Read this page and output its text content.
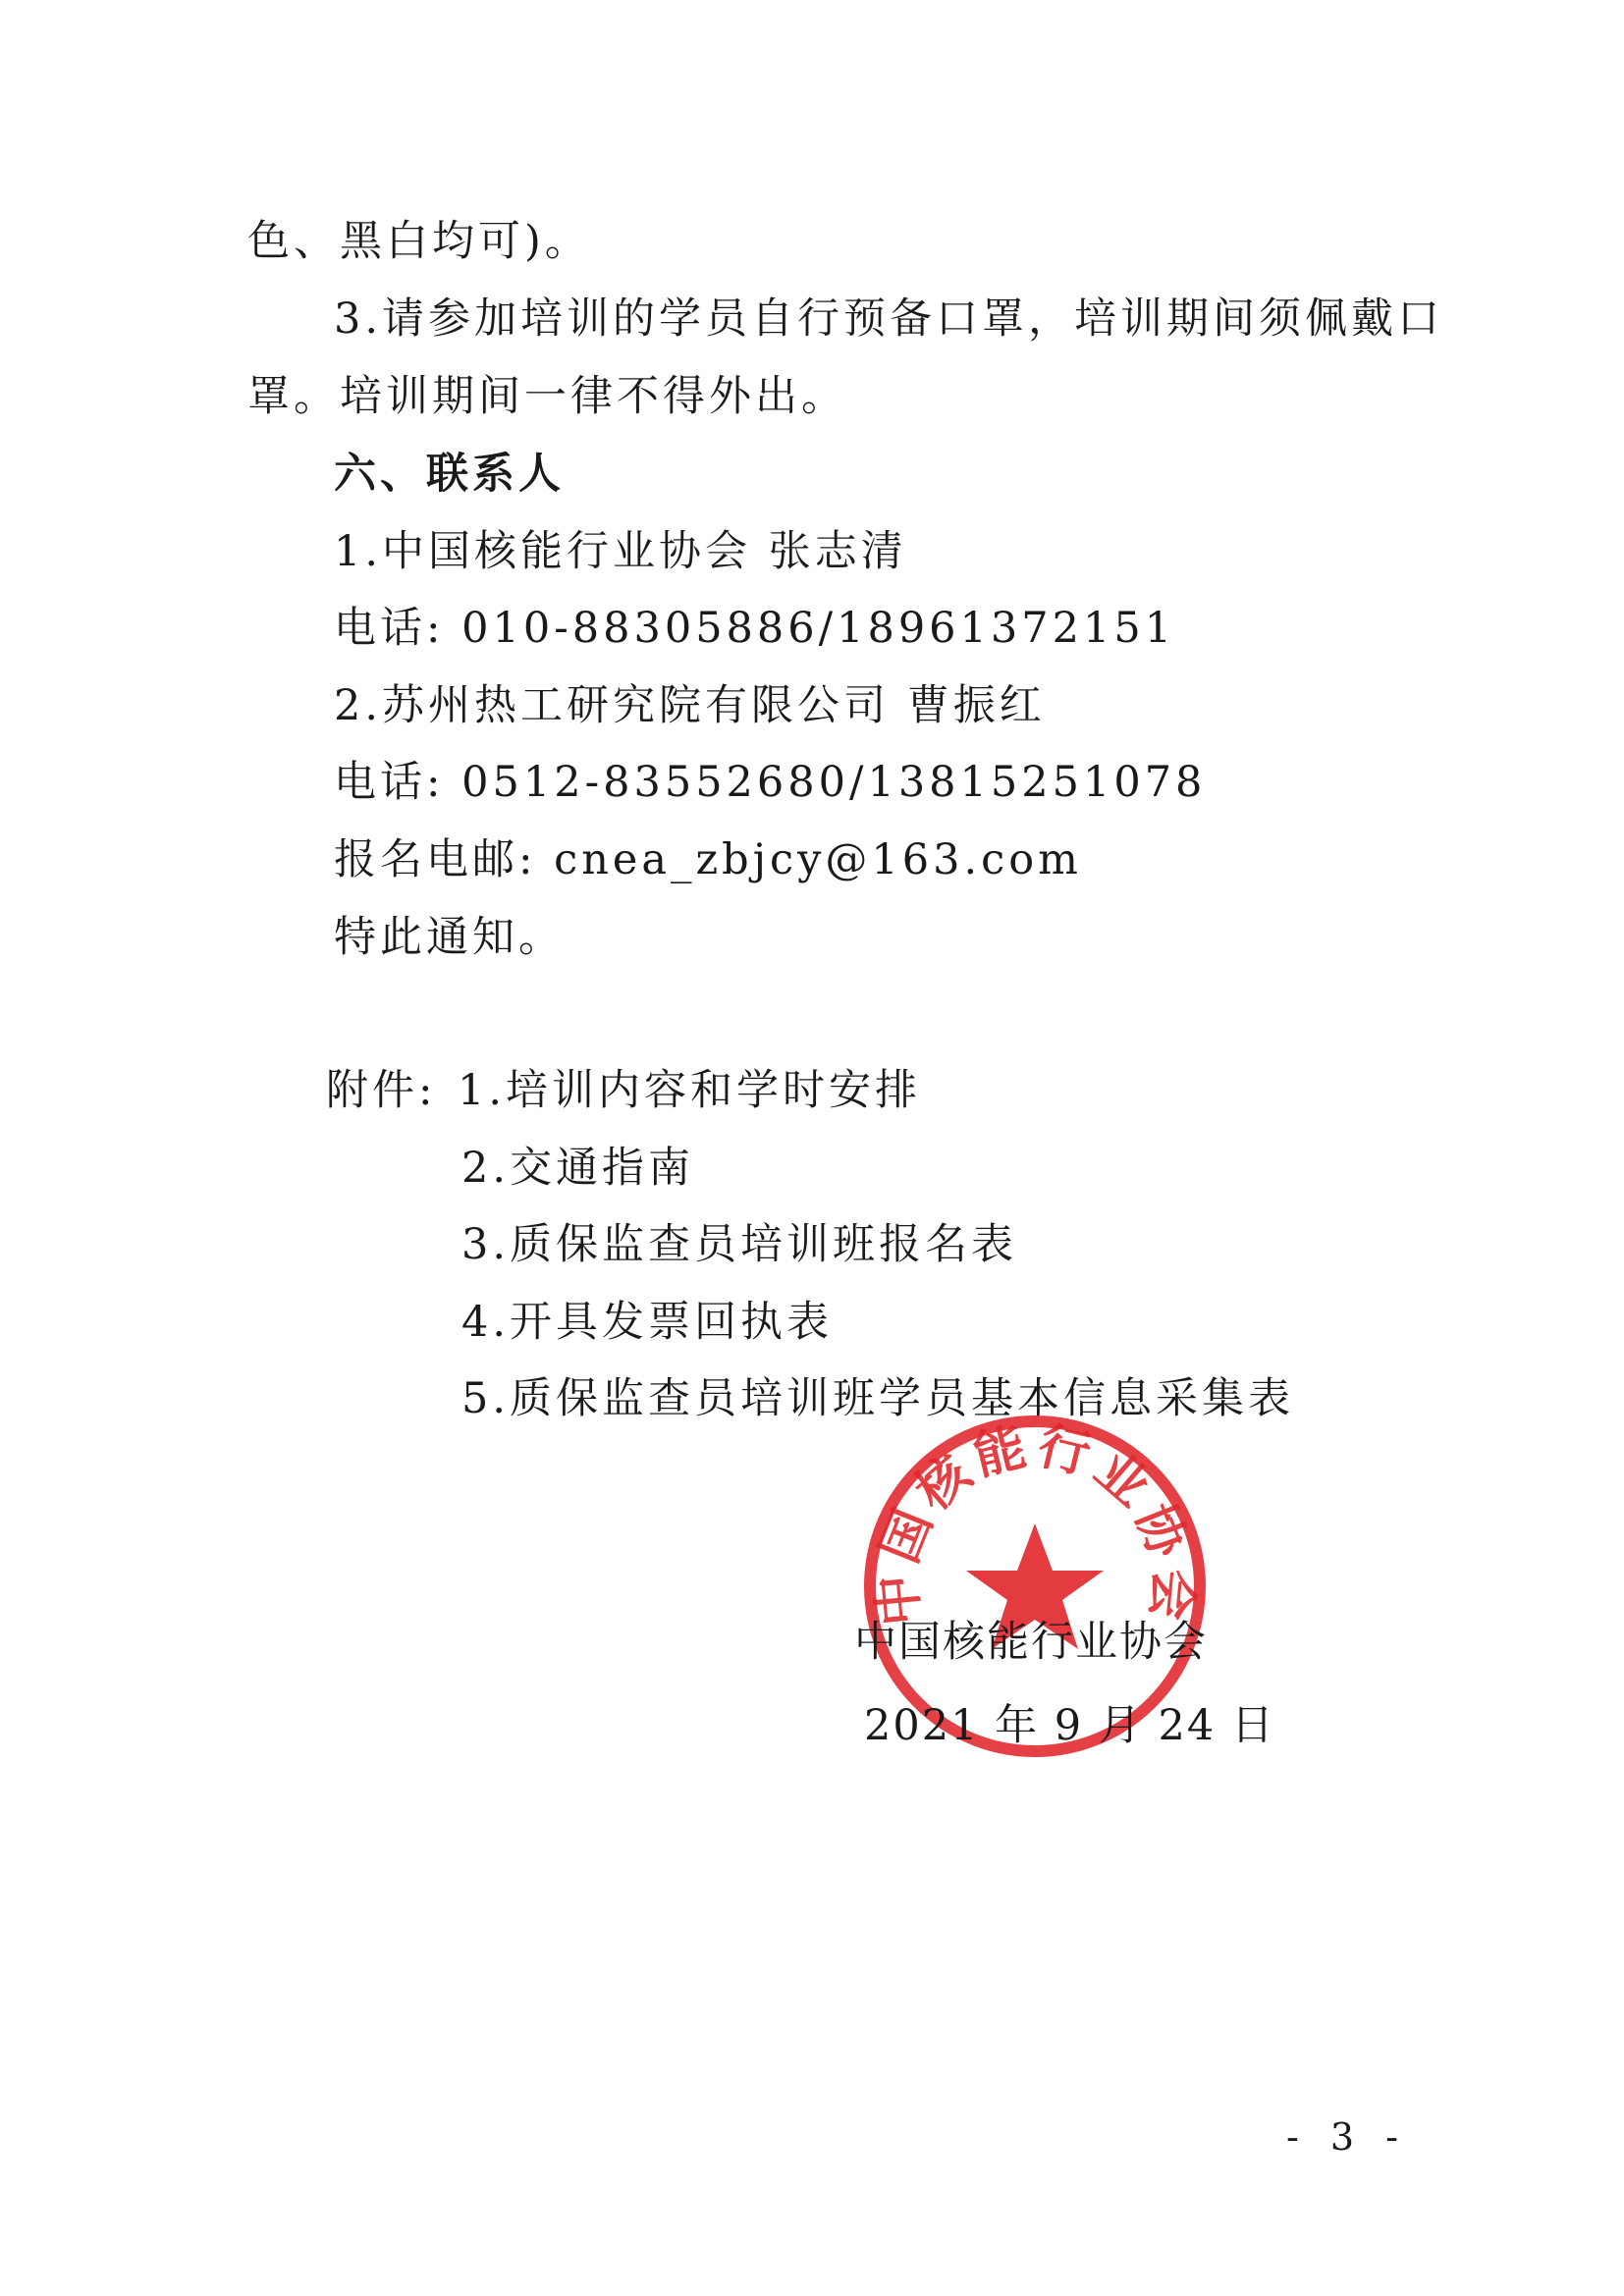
色、黑白均可)。
3.请参加培训的学员自行预备口罩，培训期间须佩戴口
罩。培训期间一律不得外出。
六、联系人
1.中国核能行业协会 张志清
电话: 010-88305886/18961372151
2.苏州热工研究院有限公司 曹振红
电话: 0512-83552680/13815251078
报名电邮: cnea_zbjcy@163.com
特此通知。
附件: 1.培训内容和学时安排
2.交通指南
3.质保监查员培训班报名表
4.开具发票回执表
5.质保监查员培训班学员基本信息采集表
中国核能行业协会
中国核能行业协会
2021 年 9 月 24 日
- 3 -
